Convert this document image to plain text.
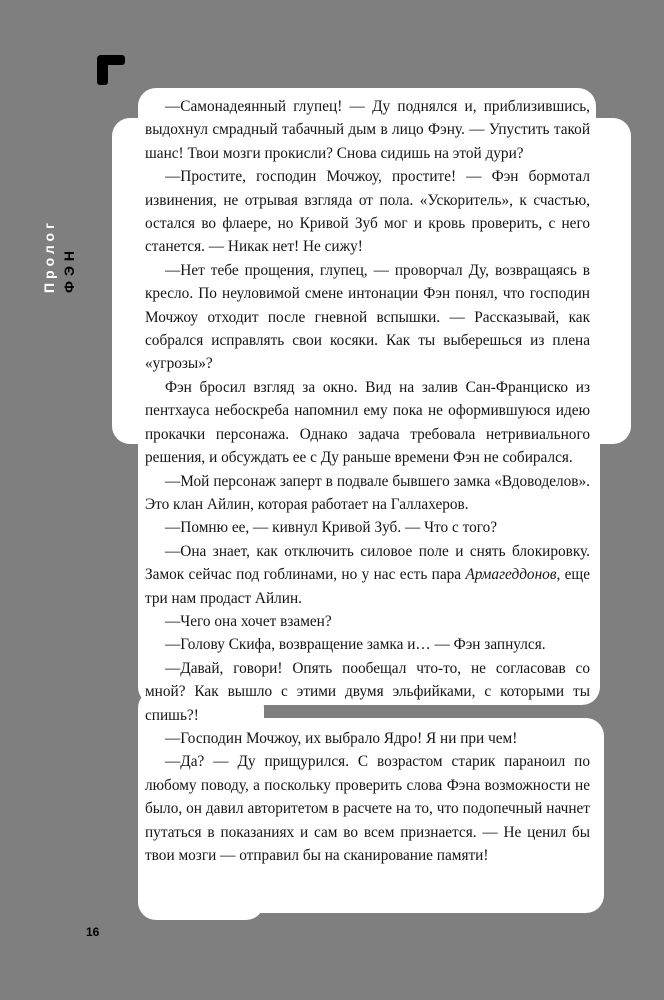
Пролог ФЭН

—Самонадеянный глупец! — Ду поднялся и, приблизившись, выдохнул смрадный табачный дым в лицо Фэну. — Упустить такой шанс! Твои мозги прокисли? Снова сидишь на этой дури?

—Простите, господин Мочжоу, простите! — Фэн бормотал извинения, не отрывая взгляда от пола. «Ускоритель», к счастью, остался во флаере, но Кривой Зуб мог и кровь проверить, с него станется. — Никак нет! Не сижу!

—Нет тебе прощения, глупец, — проворчал Ду, возвращаясь в кресло. По неуловимой смене интонации Фэн понял, что господин Мочжоу отходит после гневной вспышки. — Рассказывай, как собрался исправлять свои косяки. Как ты выберешься из плена «угрозы»?

Фэн бросил взгляд за окно. Вид на залив Сан-Франциско из пентхауса небоскреба напомнил ему пока не оформившуюся идею прокачки персонажа. Однако задача требовала нетривиального решения, и обсуждать ее с Ду раньше времени Фэн не собирался.

—Мой персонаж заперт в подвале бывшего замка «Вдоводелов». Это клан Айлин, которая работает на Галлахеров.

—Помню ее, — кивнул Кривой Зуб. — Что с того?

—Она знает, как отключить силовое поле и снять блокировку. Замок сейчас под гоблинами, но у нас есть пара Армагеддонов, еще три нам продаст Айлин.

—Чего она хочет взамен?

—Голову Скифа, возвращение замка и… — Фэн запнулся.

—Давай, говори! Опять пообещал что-то, не согласовав со мной? Как вышло с этими двумя эльфийками, с которыми ты спишь?!

—Господин Мочжоу, их выбрало Ядро! Я ни при чем!

—Да? — Ду прищурился. С возрастом старик параноил по любому поводу, а поскольку проверить слова Фэна возможности не было, он давил авторитетом в расчете на то, что подопечный начнет путаться в показаниях и сам во всем признается. — Не ценил бы твои мозги — отправил бы на сканирование памяти!

16
